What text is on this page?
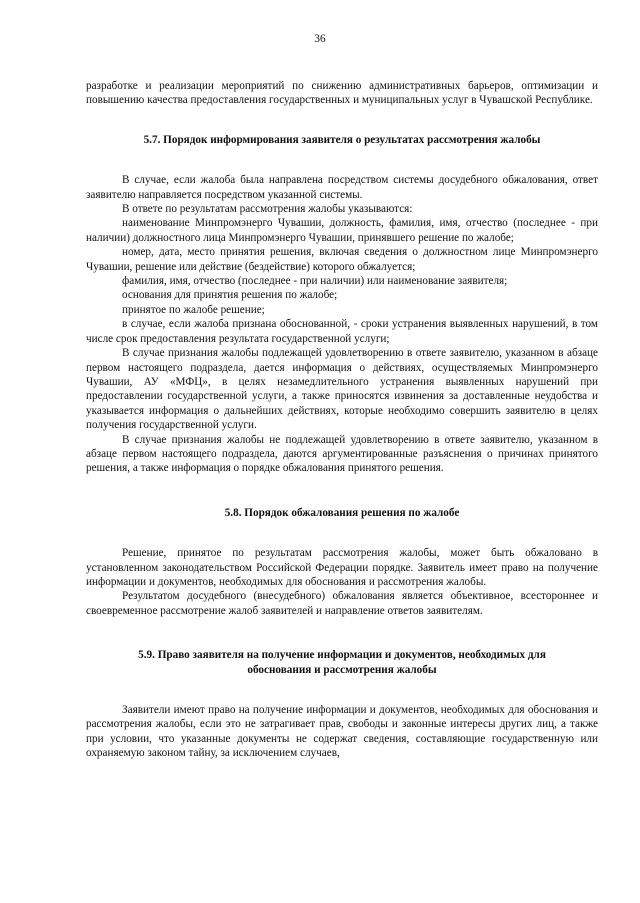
36

разработке и реализации мероприятий по снижению административных барьеров, оптимизации и повышению качества предоставления государственных и муниципальных услуг в Чувашской Республике.

5.7. Порядок информирования заявителя о результатах рассмотрения жалобы

В случае, если жалоба была направлена посредством системы досудебного обжалования, ответ заявителю направляется посредством указанной системы.

В ответе по результатам рассмотрения жалобы указываются:

наименование Минпромэнерго Чувашии, должность, фамилия, имя, отчество (последнее - при наличии) должностного лица Минпромэнерго Чувашии, принявшего решение по жалобе;

номер, дата, место принятия решения, включая сведения о должностном лице Минпромэнерго Чувашии, решение или действие (бездействие) которого обжалуется;

фамилия, имя, отчество (последнее - при наличии) или наименование заявителя;

основания для принятия решения по жалобе;

принятое по жалобе решение;

в случае, если жалоба признана обоснованной, - сроки устранения выявленных нарушений, в том числе срок предоставления результата государственной услуги;

В случае признания жалобы подлежащей удовлетворению в ответе заявителю, указанном в абзаце первом настоящего подраздела, дается информация о действиях, осуществляемых Минпромэнерго Чувашии, АУ «МФЦ», в целях незамедлительного устранения выявленных нарушений при предоставлении государственной услуги, а также приносятся извинения за доставленные неудобства и указывается информация о дальнейших действиях, которые необходимо совершить заявителю в целях получения государственной услуги.

В случае признания жалобы не подлежащей удовлетворению в ответе заявителю, указанном в абзаце первом настоящего подраздела, даются аргументированные разъяснения о причинах принятого решения, а также информация о порядке обжалования принятого решения.

5.8. Порядок обжалования решения по жалобе

Решение, принятое по результатам рассмотрения жалобы, может быть обжаловано в установленном законодательством Российской Федерации порядке. Заявитель имеет право на получение информации и документов, необходимых для обоснования и рассмотрения жалобы.

Результатом досудебного (внесудебного) обжалования является объективное, всестороннее и своевременное рассмотрение жалоб заявителей и направление ответов заявителям.

5.9. Право заявителя на получение информации и документов, необходимых для

обоснования и рассмотрения жалобы

Заявители имеют право на получение информации и документов, необходимых для обоснования и рассмотрения жалобы, если это не затрагивает прав, свободы и законные интересы других лиц, а также при условии, что указанные документы не содержат сведения, составляющие государственную или охраняемую законом тайну, за исключением случаев,
